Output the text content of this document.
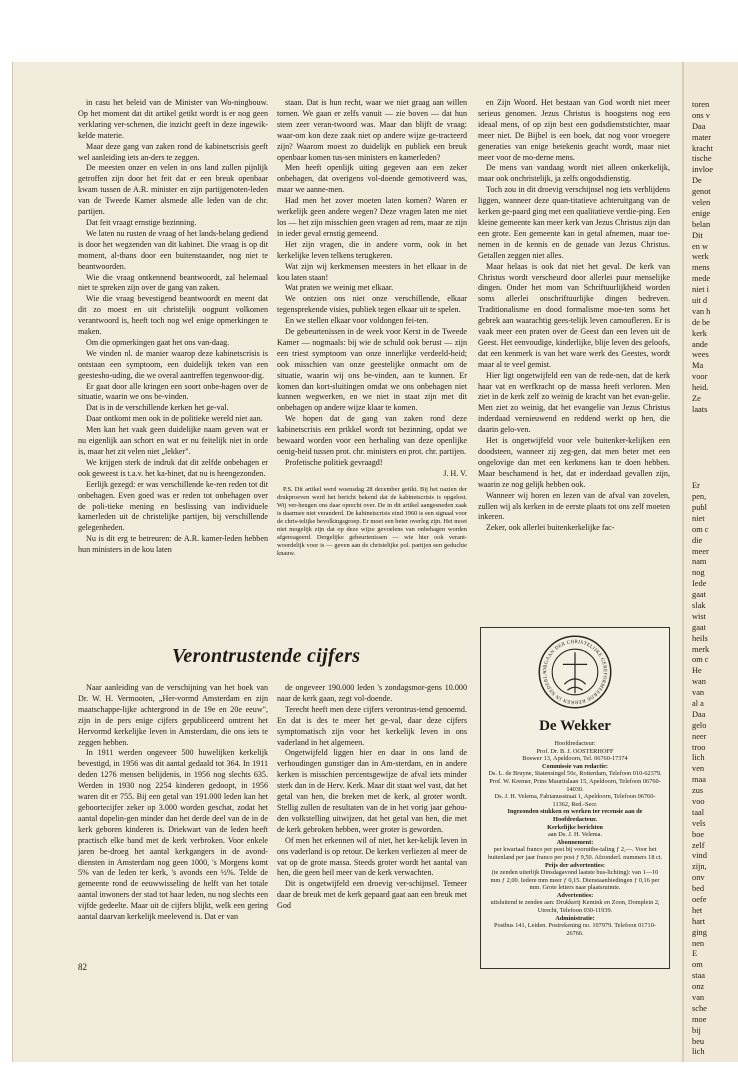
toren
ons v
Daa
mater
kracht
tische
invloe
De
genot
velen
enige
belan
Dit
en w
werk
mens
mede
niet i
uit d
van h
de be
kerk
ande
wees
Ma
voor
heid.
Ze
laats
Er
pen,
publ
niet
om c
die
meer
nam
nog
Iede
gaat
slak
wist
gaat
heils
merk
om c
He
wan
van
al a
Daa
gelo
neer
troo
lich
ven
maa
zus
voo
taal
vels
boe
zelf
vind
zijn,
onv
bed
oefe
het
hart
ging
nen
E
om
staa
onz
van
sche
moe
bij
beu
lich

in casu het beleid van de Minister van Wo-ningbouw. Op het moment dat dit artikel getikt wordt is er nog geen verklaring ver-schenen, die inzicht geeft in deze ingewik-kelde materie.

Maar deze gang van zaken rond de kabinetscrisis geeft wel aanleiding iets an-ders te zeggen.

De meesten onzer en velen in ons land zullen pijnlijk getroffen zijn door het feit dat er een breuk openbaar kwam tussen de A.R. minister en zijn partijgenoten-leden van de Tweede Kamer alsmede alle leden van de chr. partijen.

Dat feit vraagt ernstige bezinning.

We laten nu rusten de vraag of het lands-belang gediend is door het wegzenden van dit kabinet. Die vraag is op dit moment, al-thans door een buitenstaander, nog niet te beantwoorden.

Wie die vraag ontkennend beantwoordt, zal helemaal niet te spreken zijn over de gang van zaken.

Wie die vraag bevestigend beantwoordt en meent dat dit zo moest en uit christelijk oogpunt volkomen verantwoord is, heeft toch nog wel enige opmerkingen te maken.

Om die opmerkingen gaat het ons van-daag.

We vinden nl. de manier waarop deze kabinetscrisis is ontstaan een symptoom, een duidelijk teken van een geestesho-uding, die we overal aantreffen tegenwoor-dig.

Er gaat door alle kringen een soort onbe-hagen over de situatie, waarin we ons be-vinden.

Dat is in de verschillende kerken het ge-val.

Daar ontkomt men ook in de politieke wereld niet aan.

Men kan het vaak geen duidelijke naam geven wat er nu eigenlijk aan schort en wat er nu feitelijk niet in orde is, maar het zit velen niet „lekker".

We krijgen sterk de indruk dat dit zelfde onbehagen er ook geweest is t.a.v. het ka-binet, dat nu is heengezonden.

Eerlijk gezegd: er was verschillende ke-ren reden tot dit onbehagen. Even goed was er reden tot onbehagen over de poli-tieke mening en beslissing van individuele kamerleden uit de christelijke partijen, bij verschillende gelegenheden.

Nu is dit erg te betreuren: de A.R. kamer-leden hebben hun ministers in de kou laten

staan. Dat is hun recht, waar we niet graag aan willen tornen. We gaan er zelfs vanuit — zie boven — dat hun stem zeer veran-twoord was. Maar dan blijft de vraag: waar-om kon deze zaak niet op andere wijze ge-tracteerd zijn? Waarom moest zo duidelijk en publiek een breuk openbaar komen tus-sen ministers en kamerleden?

Men heeft openlijk uiting gegeven aan een zeker onbehagen, dat overigens vol-doende gemotiveerd was, maar we aanne-men.

Had men het zover moeten laten komen? Waren er werkelijk geen andere wegen? Deze vragen laten me niet los — het zijn misschien geen vragen ad rem, maar ze zijn in ieder geval ernstig gemeend.

Het zijn vragen, die in andere vorm, ook in het kerkelijke leven telkens terugkeren.

Wat zijn wij kerkmensen meesters in het elkaar in de kou laten staan!

Wat praten we weinig met elkaar.

We ontzien ons niet onze verschillende, elkaar tegensprekende visies, publiek tegen elkaar uit te spelen.

En we stellen elkaar voor voldongen fei-ten.

De gebeurtenissen in de week voor Kerst in de Tweede Kamer — nogmaals: bij wie de schuld ook berust — zijn een triest symptoom van onze innerlijke verdeeld-heid; ook misschien van onze geestelijke onmacht om de situatie, waarin wij ons be-vinden, aan te kunnen. Er komen dan kort-sluitingen omdat we ons onbehagen niet kunnen wegwerken, en we niet in staat zijn met dit onbehagen op andere wijze klaar te komen.

We hopen dat de gang van zaken rond deze kabinetscrisis een prikkel wordt tot bezinning, opdat we bewaard worden voor een herhaling van deze openlijke oenig-heid tussen prot. chr. ministers en prot. chr. partijen.

Profetische politiek gevraagd!

J. H. V.

P.S. Dit artikel werd woensdag 28 december getikt. Bij het nazien der drukproeven werd het bericht bekend dat de kabinetscrisis is opgelost. Wij ver-heugen ons daar oprecht over. De in dit artikel aangesneden zaak is daarmee niet veranderd. De kabinetscrisis eind 1960 is een signaal voor de chris-telijke bevolkingsgroep. Er moet een beter overleg zijn. Het moet niet mogelijk zijn dat op deze wijze gevoelens van onbehagen worden afgereageerd. Dergelijke gebeurtenissen — wie hier ook verant-woordelijk voor is — geven aan de christelijke pol. partijen een geduchte knauw.

en Zijn Woord. Het bestaan van God wordt niet meer serieus genomen. Jezus Christus is hoogstens nog een ideaal mens, of op zijn best een godsdienststichter, maar meer niet. De Bijbel is een boek, dat nog voor vroegere generaties van enige betekenis geacht wordt, maar niet meer voor de mo-derne mens.

De mens van vandaag wordt niet alleen onkerkelijk, maar ook onchristelijk, ja zelfs ongodsdienstig.

Toch zou in dit droevig verschijnsel nog iets verblijdens liggen, wanneer deze quan-titatieve achteruitgang van de kerken ge-paard ging met een qualitatieve verdie-ping. Een kleine gemeente kan meer kerk van Jezus Christus zijn dan een grote. Een gemeente kan in getal afnemen, maar toe-nemen in de kennis en de genade van Jezus Christus. Getallen zeggen niet alles.

Maar helaas is ook dat niet het geval. De kerk van Christus wordt verscheurd door allerlei puur menselijke dingen. Onder het mom van Schriftuurlijkheid worden soms allerlei onschriftuurlijke dingen bedreven. Traditionalisme en dood formalisme moe-ten soms het gebrek aan waarachtig gees-telijk leven camoufleren. Er is vaak meer een praten over de Geest dan een leven uit de Geest. Het eenvoudige, kinderlijke, blije leven des geloofs, dat een kenmerk is van het ware werk des Geestes, wordt maar al te veel gemist.

Hier ligt ongetwijfeld een van de rede-nen, dat de kerk haar vat en werfkracht op de massa heeft verloren. Men ziet in de kerk zelf zo weinig de kracht van het evan-gelie. Men ziet zo weinig, dat het evangelie van Jezus Christus inderdaad vernieuwend en reddend werkt op hen, die daarin gelo-ven.

Het is ongetwijfeld voor vele buitenker-kelijken een doodsteen, wanneer zij zeg-gen, dat men beter met een ongelovige dan met een kerkmens kan te doen hebben. Maar beschamend is het, dat er inderdaad gevallen zijn, waarin ze nog gelijk hebben ook.

Wanneer wij horen en lezen van de afval van zovelen, zullen wij als kerken in de eerste plaats tot ons zelf moeten inkeren.

Zeker, ook allerlei buitenkerkelijke fac-

Verontrustende cijfers

Naar aanleiding van de verschijning van het boek van Dr. W. H. Vermooten, „Her-vormd Amsterdam en zijn maatschappe-lijke achtergrond in de 19e en 20e eeuw", zijn in de pers enige cijfers gepubliceerd omtrent het Hervormd kerkelijke leven in Amsterdam, die ons iets te zeggen hebben.

In 1911 werden ongeveer 500 huwelijken kerkelijk bevestigd, in 1956 was dit aantal gedaald tot 364. In 1911 deden 1276 mensen belijdenis, in 1956 nog slechts 635. Werden in 1930 nog 2254 kinderen gedoopt, in 1956 waren dit er 755. Bij een getal van 191.000 leden kan het geboortecijfer zeker op 3.000 worden geschat, zodat het aantal dopelin-gen minder dan het derde deel van de in de kerk geboren kinderen is. Driekwart van de leden heeft practisch elke band met de kerk verbroken. Voor enkele jaren be-droeg het aantal kerkgangers in de avond-diensten in Amsterdam nog geen 1000, 's Morgens komt 5% van de leden ter kerk, 's avonds een ½%. Telde de gemeente rond de eeuwwisseling de helft van het totale aantal inwoners der stad tot haar leden, nu nog slechts een vijfde gedeelte. Maar uit de cijfers blijkt, welk een gering aantal daarvan kerkelijk meelevend is. Dat er van

de ongeveer 190.000 leden 's zondagsmor-gens 10.000 naar de kerk gaan, zegt vol-doende.

Terecht heeft men deze cijfers verontrus-tend genoemd. En dat is des te meer het ge-val, daar deze cijfers symptomatisch zijn voor het kerkelijk leven in ons vaderland in het algemeen.

Ongetwijfeld liggen hier en daar in ons land de verhoudingen gunstiger dan in Am-sterdam, en in andere kerken is misschien percentsgewijze de afval iets minder sterk dan in de Herv. Kerk. Maar dit staat wel vast, dat het getal van hen, die breken met de kerk, al groter wordt. Stellig zullen de resultaten van de in het vorig jaar gehou-den volkstelling uitwijzen, dat het getal van hen, die met de kerk gebroken hebben, weer groter is geworden.

Of men het erkennen wil of niet, het ker-kelijk leven in ons vaderland is op retour. De kerken verliezen al meer de vat op de grote massa. Steeds groter wordt het aantal van hen, die geen heil meer van de kerk verwachten.

Dit is ongetwijfeld een droevig ver-schijnsel. Temeer daar de breuk met de kerk gepaard gaat aan een breuk met God

82
ORGAAN DER CHRISTELIJKE GEREFORMEERDE KERKEN IN NEDERLA
De Wekker
Hoofdredacteur:
Prof. Dr. B. J. OOSTERHOFF
Boswег 13, Apeldoorn, Tel. 06760-17374
Commissie van redactie:
Ds. L. de Bruyne, Statensingel 56c, Rotterdam, Telefoon 010-62379.
Prof. W. Kremer, Prins Mauritslaan 15, Apeldoorn, Telefoon 06760-14030.
Ds. J. H. Velema, Fabianusstraat 1, Apeldoorn, Telefoon 06760-11362, Red.-Secr.
Ingezonden stukken en werken ter recensie aan de Hoofdredacteur.
Kerkelijke berichten
aan Ds. J. H. Velema.
Abonnement:
per kwartaal franco per post bij vooruitbe-taling ƒ 2,—. Voor het buitenland per jaar franco per post ƒ 9,50. Afzonderl. nummers 18 ct.
Prijs der advertenties:
(te zenden uiterlijk Dinsdagavond laatste bus-lichting): van 1—10 mm ƒ 2,00. Iedere mm meer ƒ 0,15. Dienstaanbiedingen ƒ 0,16 per mm. Grote letters naar plaatsruimte.
Advertenties:
uitsluitend te zenden aan: Drukkerij Kemink en Zoon, Domplein 2, Utrecht, Telefoon 030-11939.
Administratie:
Postbus 141, Leiden. Postrekening no. 107979. Telefoon 01710-26766.
